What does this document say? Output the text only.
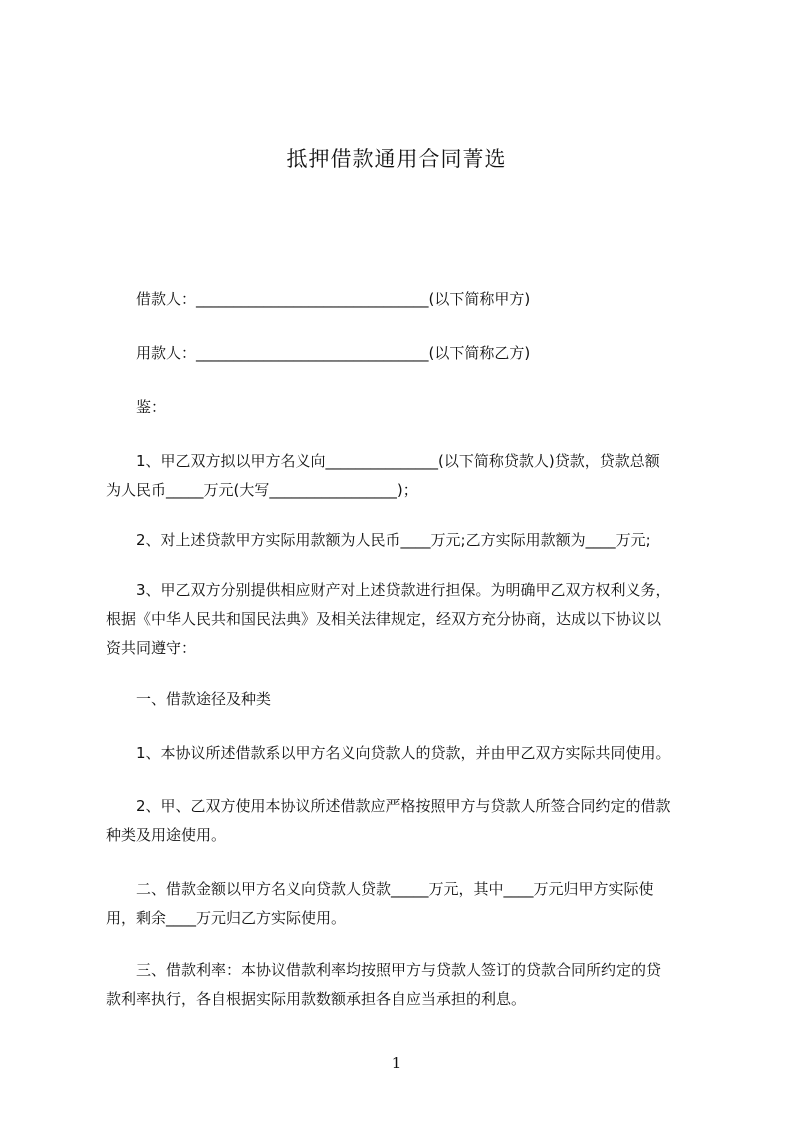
抵押借款通用合同菁选

　　借款人：_______________________________(以下简称甲方)

　　用款人：_______________________________(以下简称乙方)

　　鉴：

　　1、甲乙双方拟以甲方名义向_______________(以下简称贷款人)贷款，贷款总额
为人民币_____万元(大写_________________)；

　　2、对上述贷款甲方实际用款额为人民币____万元;乙方实际用款额为____万元;

　　3、甲乙双方分别提供相应财产对上述贷款进行担保。为明确甲乙双方权利义务，
根据《中华人民共和国民法典》及相关法律规定，经双方充分协商，达成以下协议以
资共同遵守：

　　一、借款途径及种类

　　1、本协议所述借款系以甲方名义向贷款人的贷款，并由甲乙双方实际共同使用。

　　2、甲、乙双方使用本协议所述借款应严格按照甲方与贷款人所签合同约定的借款
种类及用途使用。

　　二、借款金额以甲方名义向贷款人贷款_____万元，其中____万元归甲方实际使
用，剩余____万元归乙方实际使用。

　　三、借款利率：本协议借款利率均按照甲方与贷款人签订的贷款合同所约定的贷
款利率执行，各自根据实际用款数额承担各自应当承担的利息。

1
